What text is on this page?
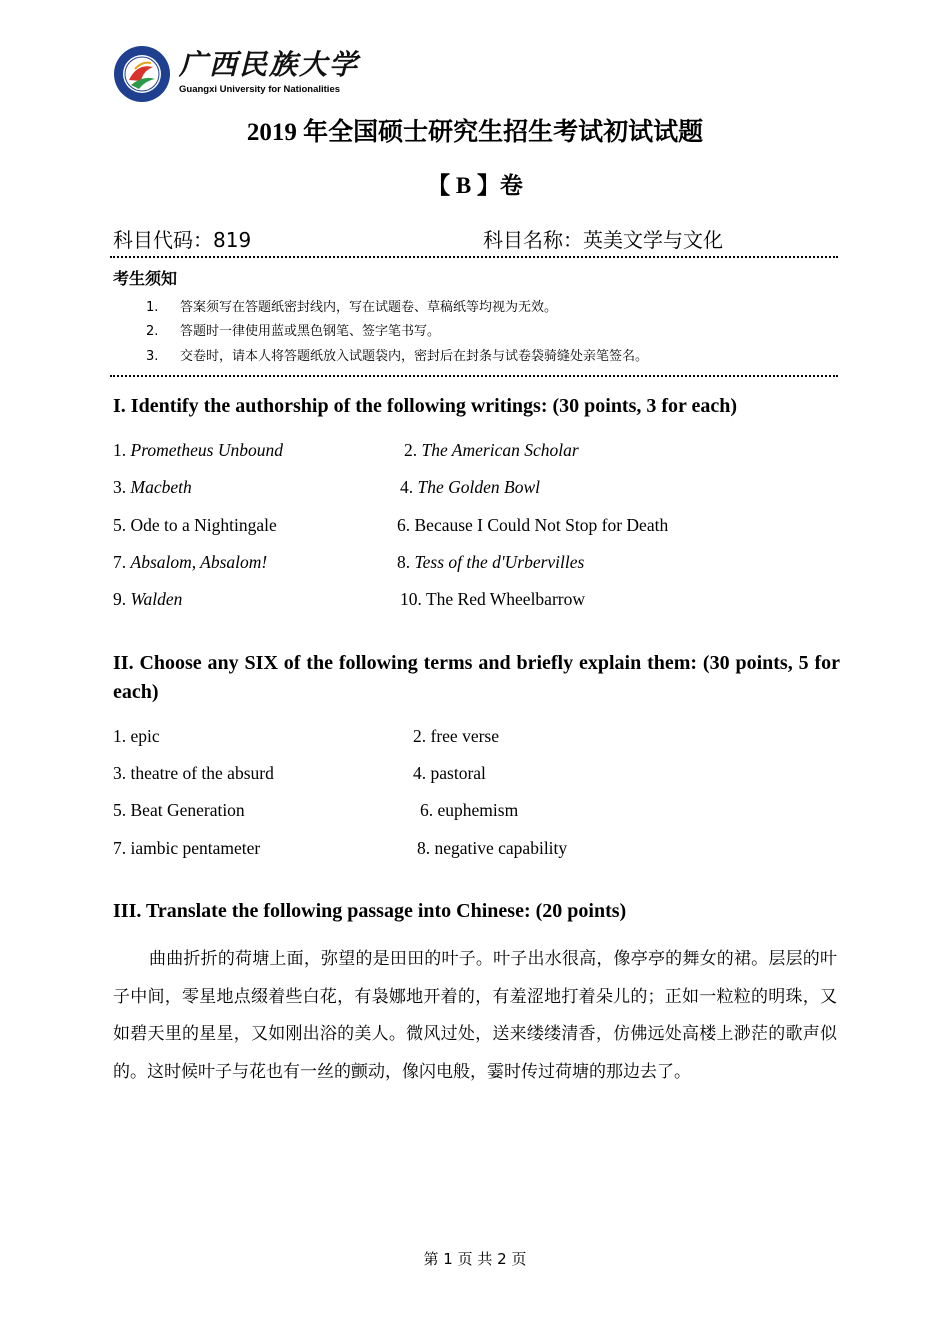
广西民族大学
Guangxi University for Nationalities
2019 年全国硕士研究生招生考试初试试题
【 B 】卷
科目代码：819	科目名称：英美文学与文化
考生须知
1. 答案须写在答题纸密封线内，写在试题卷、草稿纸等均视为无效。
2. 答题时一律使用蓝或黑色钢笔、签字笔书写。
3. 交卷时，请本人将答题纸放入试题袋内，密封后在封条与试卷袋骑缝处亲笔签名。
I. Identify the authorship of the following writings: (30 points, 3 for each)
1. Prometheus Unbound	2. The American Scholar
3. Macbeth	4. The Golden Bowl
5. Ode to a Nightingale	6. Because I Could Not Stop for Death
7. Absalom, Absalom!	8. Tess of the d'Urbervilles
9. Walden	10. The Red Wheelbarrow
II. Choose any SIX of the following terms and briefly explain them: (30 points, 5 for each)
1. epic	2. free verse
3. theatre of the absurd	4. pastoral
5. Beat Generation	6. euphemism
7. iambic pentameter	8. negative capability
III. Translate the following passage into Chinese: (20 points)

曲曲折折的荷塘上面，弥望的是田田的叶子。叶子出水很高，像亭亭的舞女的裙。层层的叶子中间，零星地点缀着些白花，有袅娜地开着的，有羞涩地打着朵儿的；正如一粒粒的明珠，又如碧天里的星星，又如刚出浴的美人。微风过处，送来缕缕清香，仿佛远处高楼上渺茫的歌声似的。这时候叶子与花也有一丝的颤动，像闪电般，霎时传过荷塘的那边去了。

第 1 页 共 2 页
